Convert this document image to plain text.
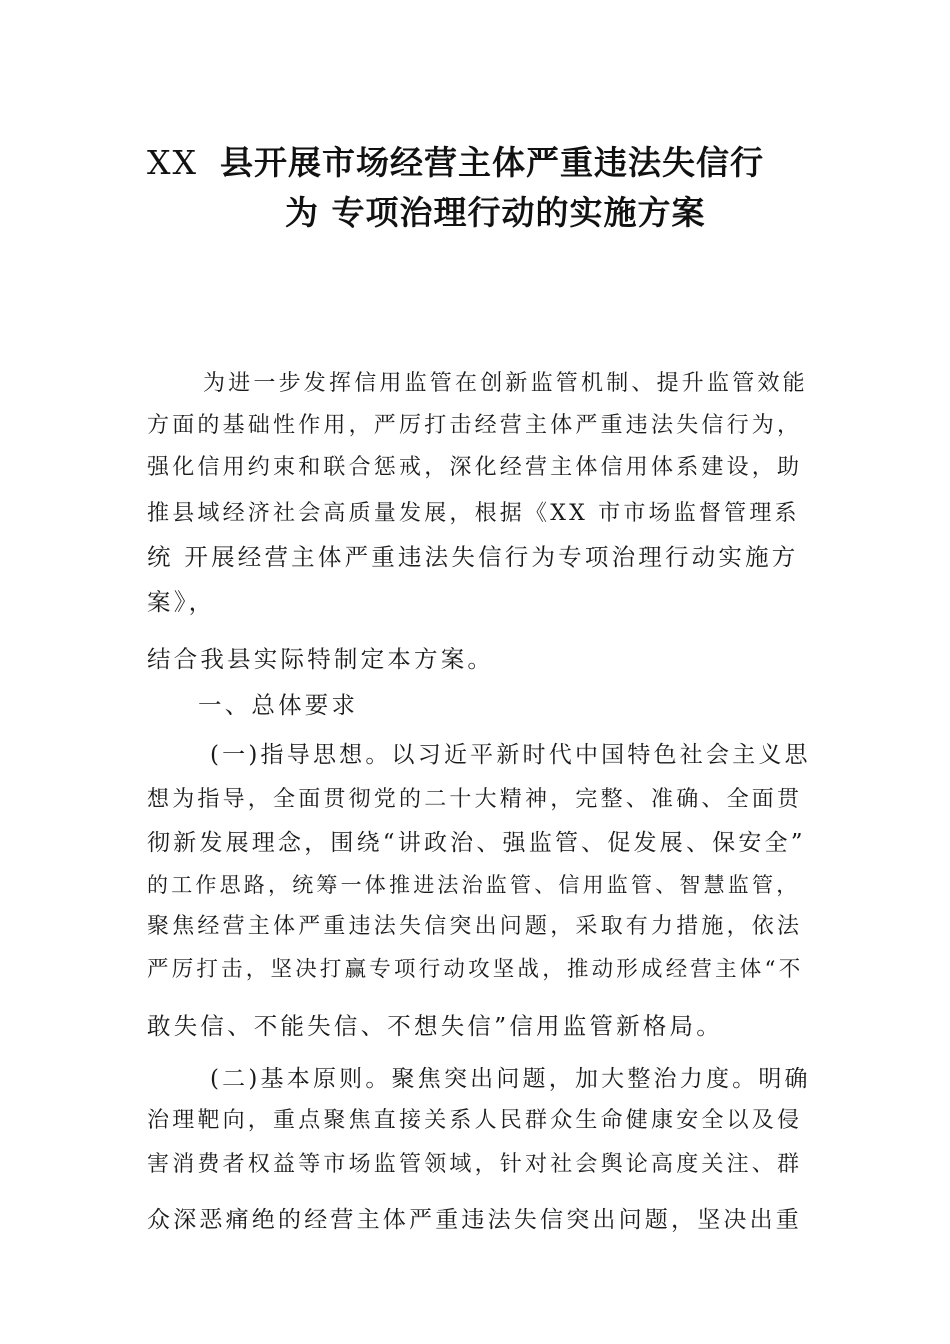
XX 县开展市场经营主体严重违法失信行
为 专项治理行动的实施方案
为进一步发挥信用监管在创新监管机制、提升监管效能
方面的基础性作用，严厉打击经营主体严重违法失信行为，
强化信用约束和联合惩戒，深化经营主体信用体系建设，助
推县域经济社会高质量发展，根据《XX 市市场监督管理系
统 开展经营主体严重违法失信行为专项治理行动实施方
案》，
结合我县实际特制定本方案。
一、总体要求
(一)指导思想。以习近平新时代中国特色社会主义思
想为指导，全面贯彻党的二十大精神，完整、准确、全面贯
彻新发展理念，围绕“讲政治、强监管、促发展、保安全”
的工作思路，统筹一体推进法治监管、信用监管、智慧监管，
聚焦经营主体严重违法失信突出问题，采取有力措施，依法
严厉打击，坚决打赢专项行动攻坚战，推动形成经营主体“不
敢失信、不能失信、不想失信”信用监管新格局。
(二)基本原则。聚焦突出问题，加大整治力度。明确
治理靶向，重点聚焦直接关系人民群众生命健康安全以及侵
害消费者权益等市场监管领域，针对社会舆论高度关注、群
众深恶痛绝的经营主体严重违法失信突出问题，坚决出重
